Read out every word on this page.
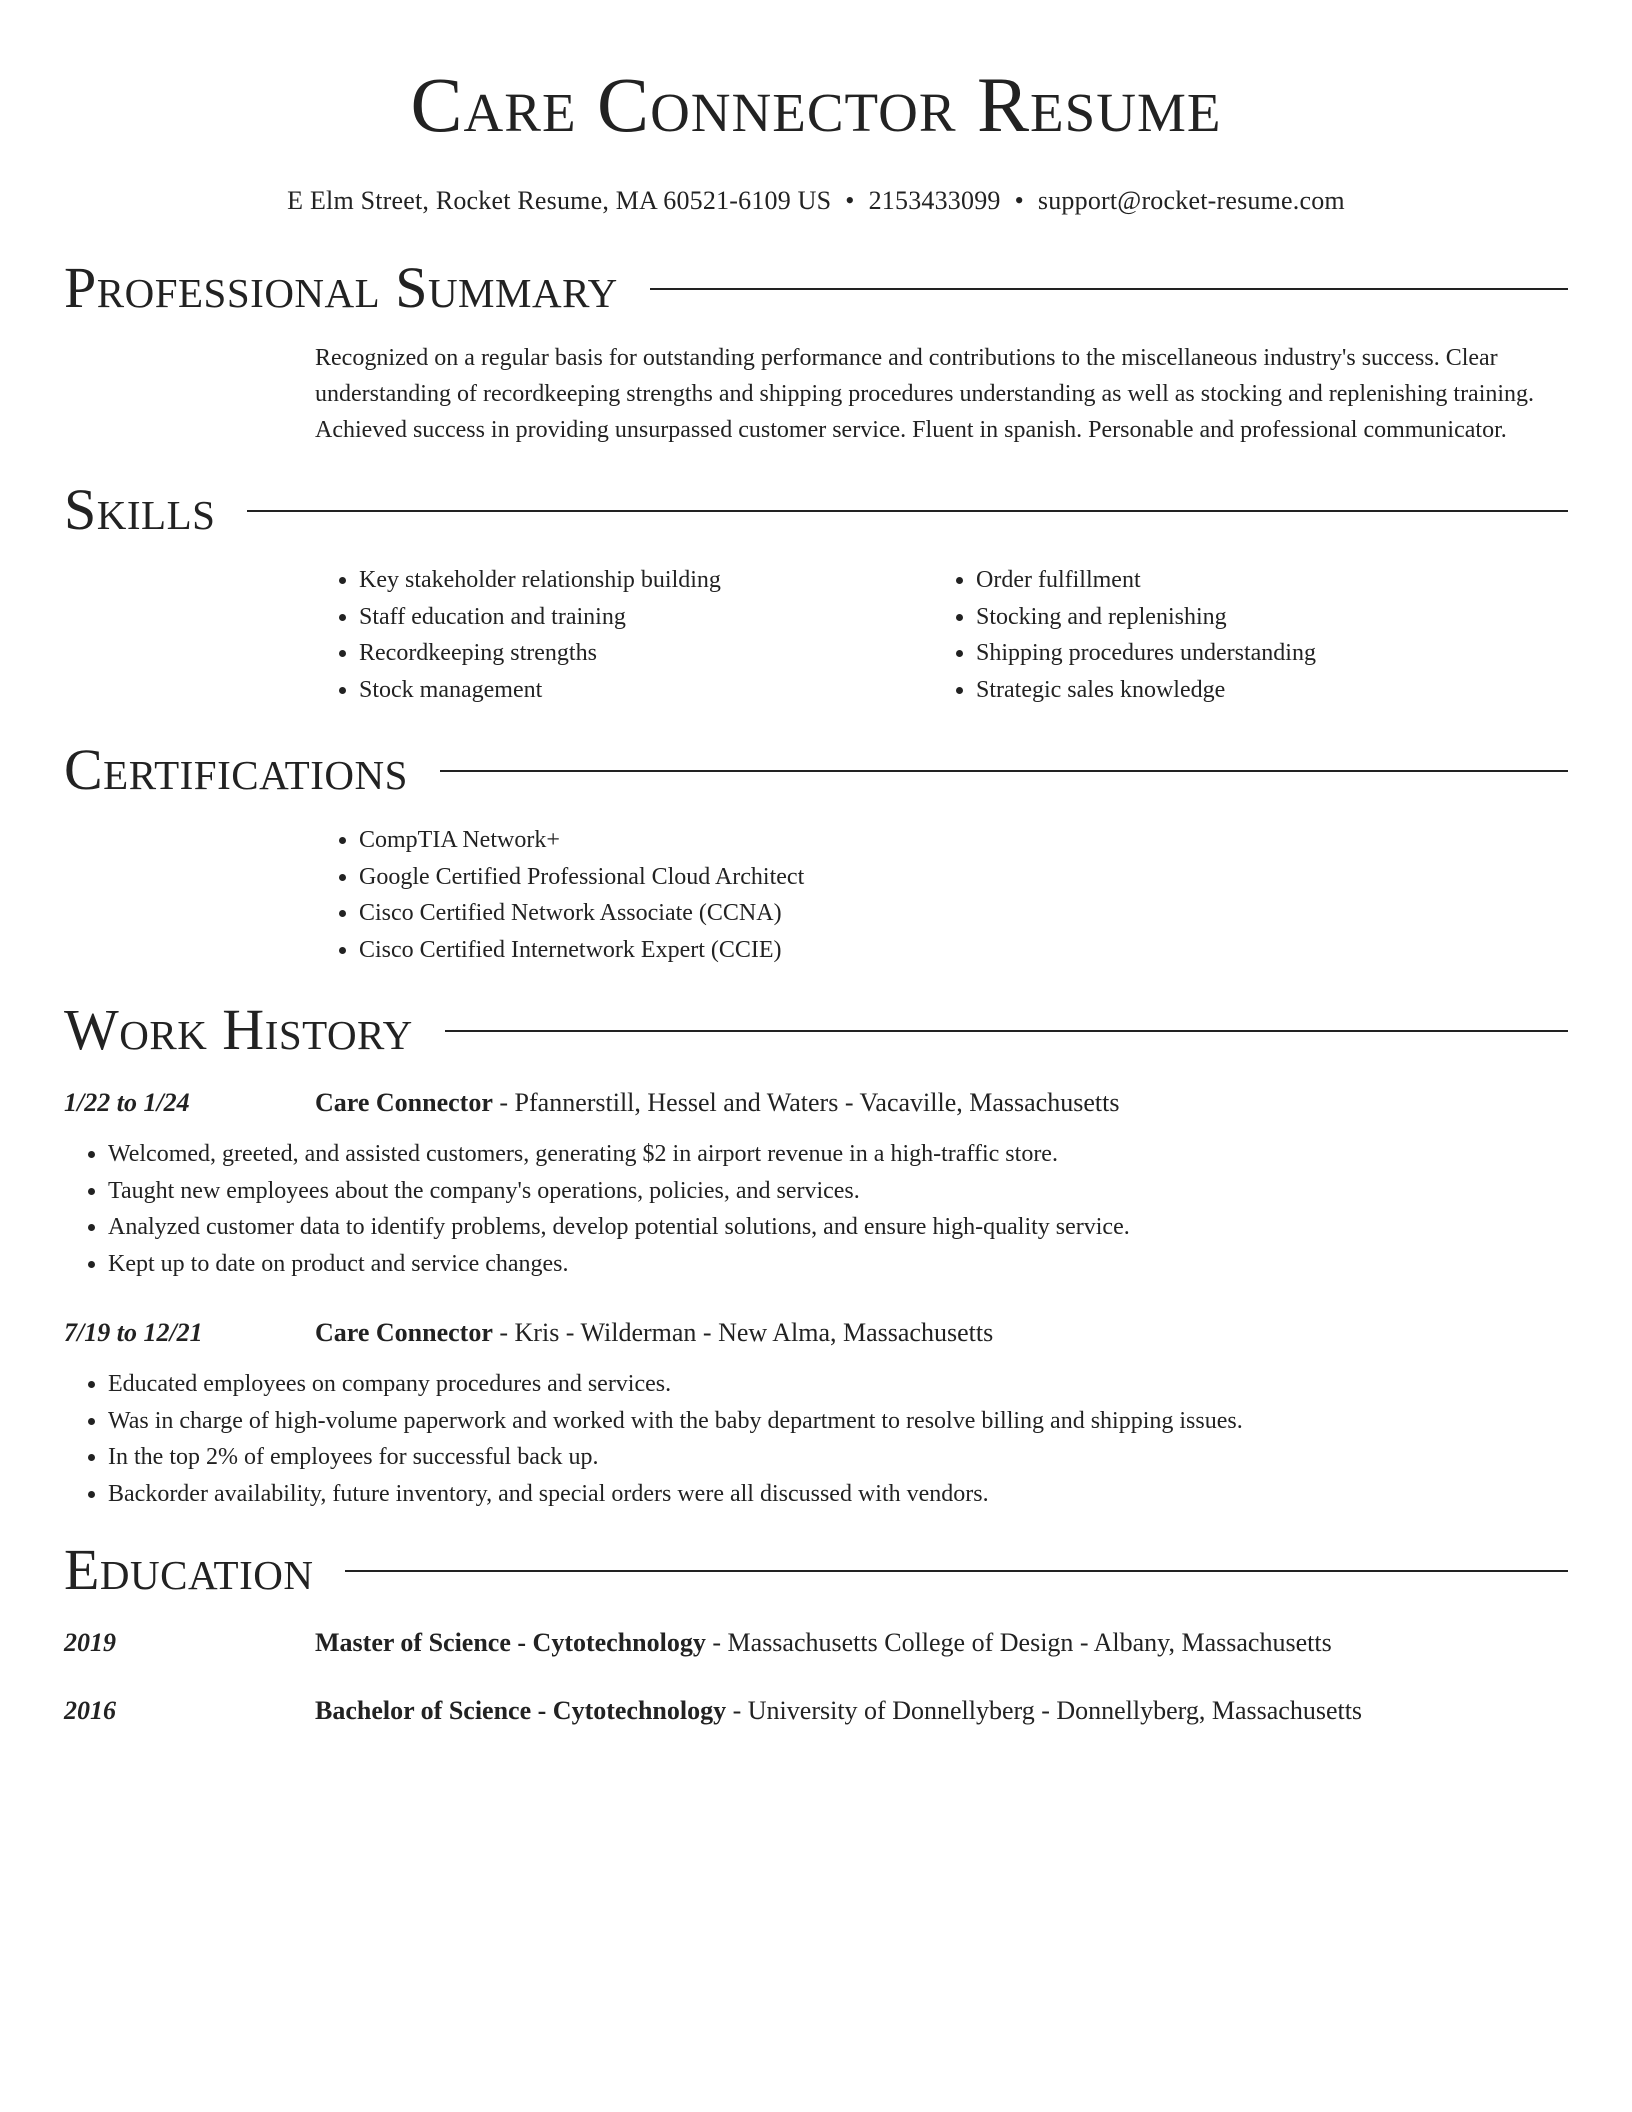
Care Connector Resume
E Elm Street, Rocket Resume, MA 60521-6109 US • 2153433099 • support@rocket-resume.com
Professional Summary
Recognized on a regular basis for outstanding performance and contributions to the miscellaneous industry's success. Clear understanding of recordkeeping strengths and shipping procedures understanding as well as stocking and replenishing training. Achieved success in providing unsurpassed customer service. Fluent in spanish. Personable and professional communicator.
Skills
• Key stakeholder relationship building
• Staff education and training
• Recordkeeping strengths
• Stock management
• Order fulfillment
• Stocking and replenishing
• Shipping procedures understanding
• Strategic sales knowledge
Certifications
• CompTIA Network+
• Google Certified Professional Cloud Architect
• Cisco Certified Network Associate (CCNA)
• Cisco Certified Internetwork Expert (CCIE)
Work History
1/22 to 1/24	Care Connector - Pfannerstill, Hessel and Waters - Vacaville, Massachusetts
• Welcomed, greeted, and assisted customers, generating $2 in airport revenue in a high-traffic store.
• Taught new employees about the company's operations, policies, and services.
• Analyzed customer data to identify problems, develop potential solutions, and ensure high-quality service.
• Kept up to date on product and service changes.
7/19 to 12/21	Care Connector - Kris - Wilderman - New Alma, Massachusetts
• Educated employees on company procedures and services.
• Was in charge of high-volume paperwork and worked with the baby department to resolve billing and shipping issues.
• In the top 2% of employees for successful back up.
• Backorder availability, future inventory, and special orders were all discussed with vendors.
Education
2019	Master of Science - Cytotechnology - Massachusetts College of Design - Albany, Massachusetts
2016	Bachelor of Science - Cytotechnology - University of Donnellyberg - Donnellyberg, Massachusetts
